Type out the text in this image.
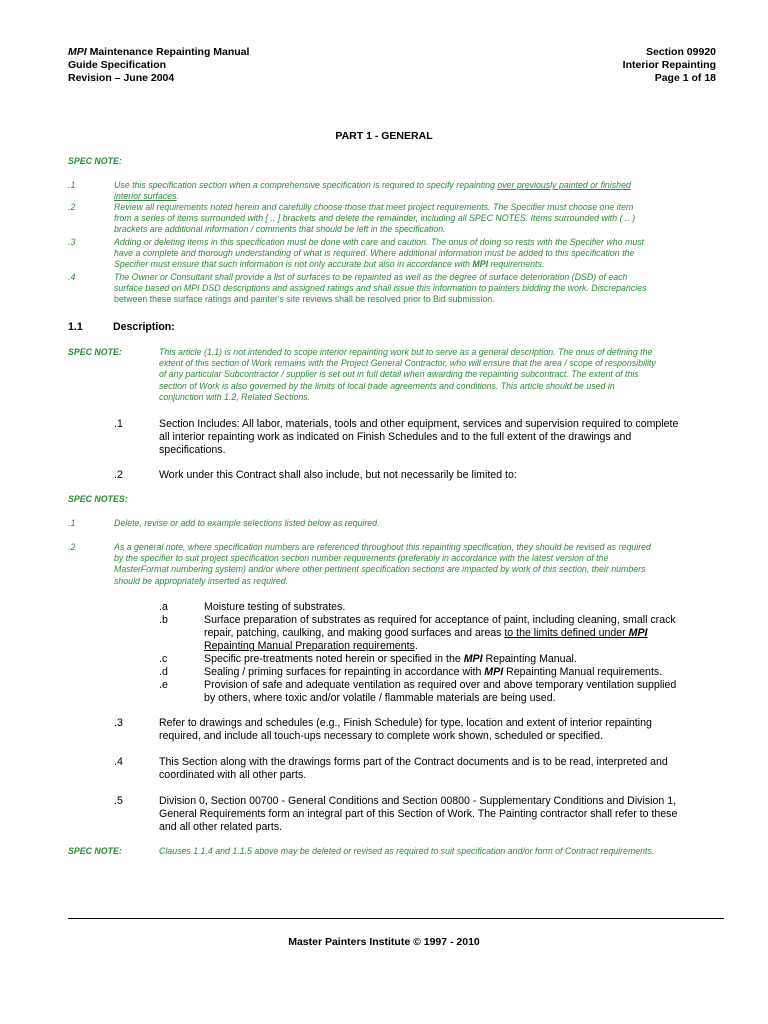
MPI Maintenance Repainting Manual
Guide Specification
Revision – June 2004
Section 09920
Interior Repainting
Page 1 of 18
PART 1 - GENERAL
SPEC NOTE:
.1	Use this specification section when a comprehensive specification is required to specify repainting over previously painted or finished
interior surfaces.
.2	Review all requirements noted herein and carefully choose those that meet project requirements. The Specifier must choose one item
from a series of items surrounded with [ .. ] brackets and delete the remainder, including all SPEC NOTES. Items surrounded with ( .. )
brackets are additional information / comments that should be left in the specification.
.3	Adding or deleting items in this specification must be done with care and caution. The onus of doing so rests with the Specifier who must
have a complete and thorough understanding of what is required. Where additional information must be added to this specification the
Specifier must ensure that such information is not only accurate but also in accordance with MPI requirements.
.4	The Owner or Consultant shall provide a list of surfaces to be repainted as well as the degree of surface deterioration (DSD) of each
surface based on MPI DSD descriptions and assigned ratings and shall issue this information to painters bidding the work. Discrepancies
between these surface ratings and painter's site reviews shall be resolved prior to Bid submission.
1.1	Description:
SPEC NOTE:	This article (1.1) is not intended to scope interior repainting work but to serve as a general description. The onus of defining the
extent of this section of Work remains with the Project General Contractor, who will ensure that the area / scope of responsibility
of any particular Subcontractor / supplier is set out in full detail when awarding the repainting subcontract. The extent of this
section of Work is also governed by the limits of local trade agreements and conditions. This article should be used in
conjunction with 1.2, Related Sections.
.1	Section Includes: All labor, materials, tools and other equipment, services and supervision required to complete
all interior repainting work as indicated on Finish Schedules and to the full extent of the drawings and
specifications.
.2	Work under this Contract shall also include, but not necessarily be limited to:
SPEC NOTES:
.1	Delete, revise or add to example selections listed below as required.
.2	As a general note, where specification numbers are referenced throughout this repainting specification, they should be revised as required
by the specifier to suit project specification section number requirements (preferably in accordance with the latest version of the
MasterFormat numbering system) and/or where other pertinent specification sections are impacted by work of this section, their numbers
should be appropriately inserted as required.
.a	Moisture testing of substrates.
.b	Surface preparation of substrates as required for acceptance of paint, including cleaning, small crack
repair, patching, caulking, and making good surfaces and areas to the limits defined under MPI
Repainting Manual Preparation requirements.
.c	Specific pre-treatments noted herein or specified in the MPI Repainting Manual.
.d	Sealing / priming surfaces for repainting in accordance with MPI Repainting Manual requirements.
.e	Provision of safe and adequate ventilation as required over and above temporary ventilation supplied
by others, where toxic and/or volatile / flammable materials are being used.
.3	Refer to drawings and schedules (e.g., Finish Schedule) for type, location and extent of interior repainting
required, and include all touch-ups necessary to complete work shown, scheduled or specified.
.4	This Section along with the drawings forms part of the Contract documents and is to be read, interpreted and
coordinated with all other parts.
.5	Division 0, Section 00700 - General Conditions and Section 00800 - Supplementary Conditions and Division 1,
General Requirements form an integral part of this Section of Work. The Painting contractor shall refer to these
and all other related parts.
SPEC NOTE:	Clauses 1.1.4 and 1.1.5 above may be deleted or revised as required to suit specification and/or form of Contract requirements.
Master Painters Institute © 1997 - 2010
